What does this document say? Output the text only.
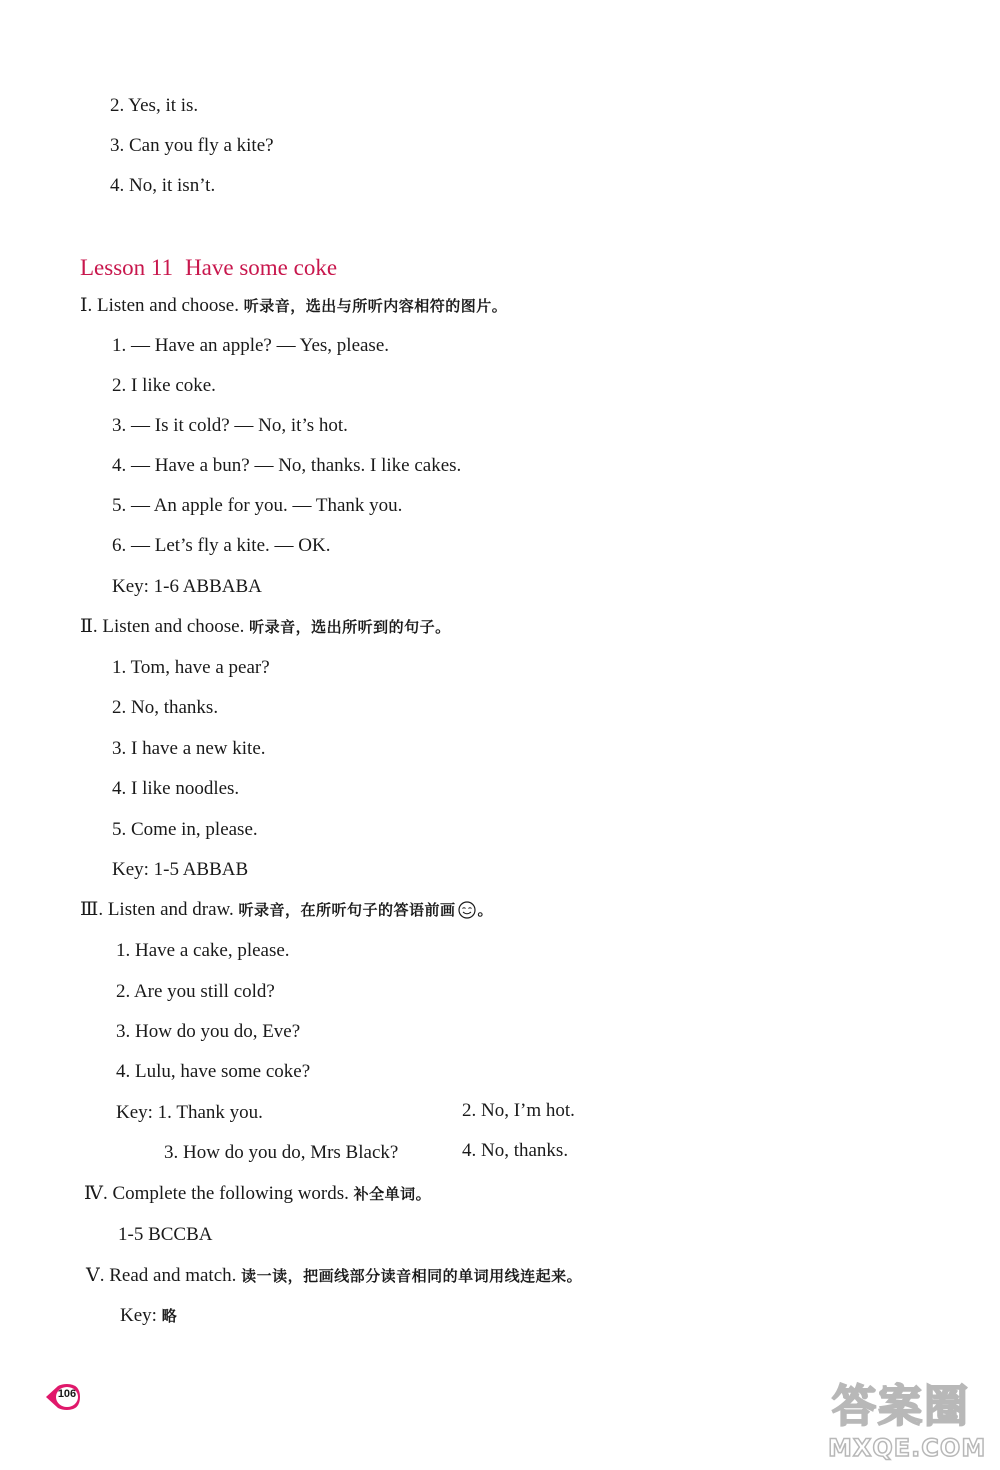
2. Yes, it is.
3. Can you fly a kite?
4. No, it isn’t.
Lesson 11 Have some coke
Ⅰ. Listen and choose. 听录音，选出与所听内容相符的图片。
1. — Have an apple? — Yes, please.
2. I like coke.
3. — Is it cold? — No, it’s hot.
4. — Have a bun? — No, thanks. I like cakes.
5. — An apple for you. — Thank you.
6. — Let’s fly a kite. — OK.
Key: 1-6 ABBABA
Ⅱ. Listen and choose. 听录音，选出所听到的句子。
1. Tom, have a pear?
2. No, thanks.
3. I have a new kite.
4. I like noodles.
5. Come in, please.
Key: 1-5 ABBAB
Ⅲ. Listen and draw. 听录音，在所听句子的答语前画 。
1. Have a cake, please.
2. Are you still cold?
3. How do you do, Eve?
4. Lulu, have some coke?
Key: 1. Thank you.	2. No, I’m hot.
3. How do you do, Mrs Black?	4. No, thanks.
Ⅳ. Complete the following words. 补全单词。
1-5 BCCBA
Ⅴ. Read and match. 读一读，把画线部分读音相同的单词用线连起来。
Key: 略
106	答案圈
MXQE.COM
